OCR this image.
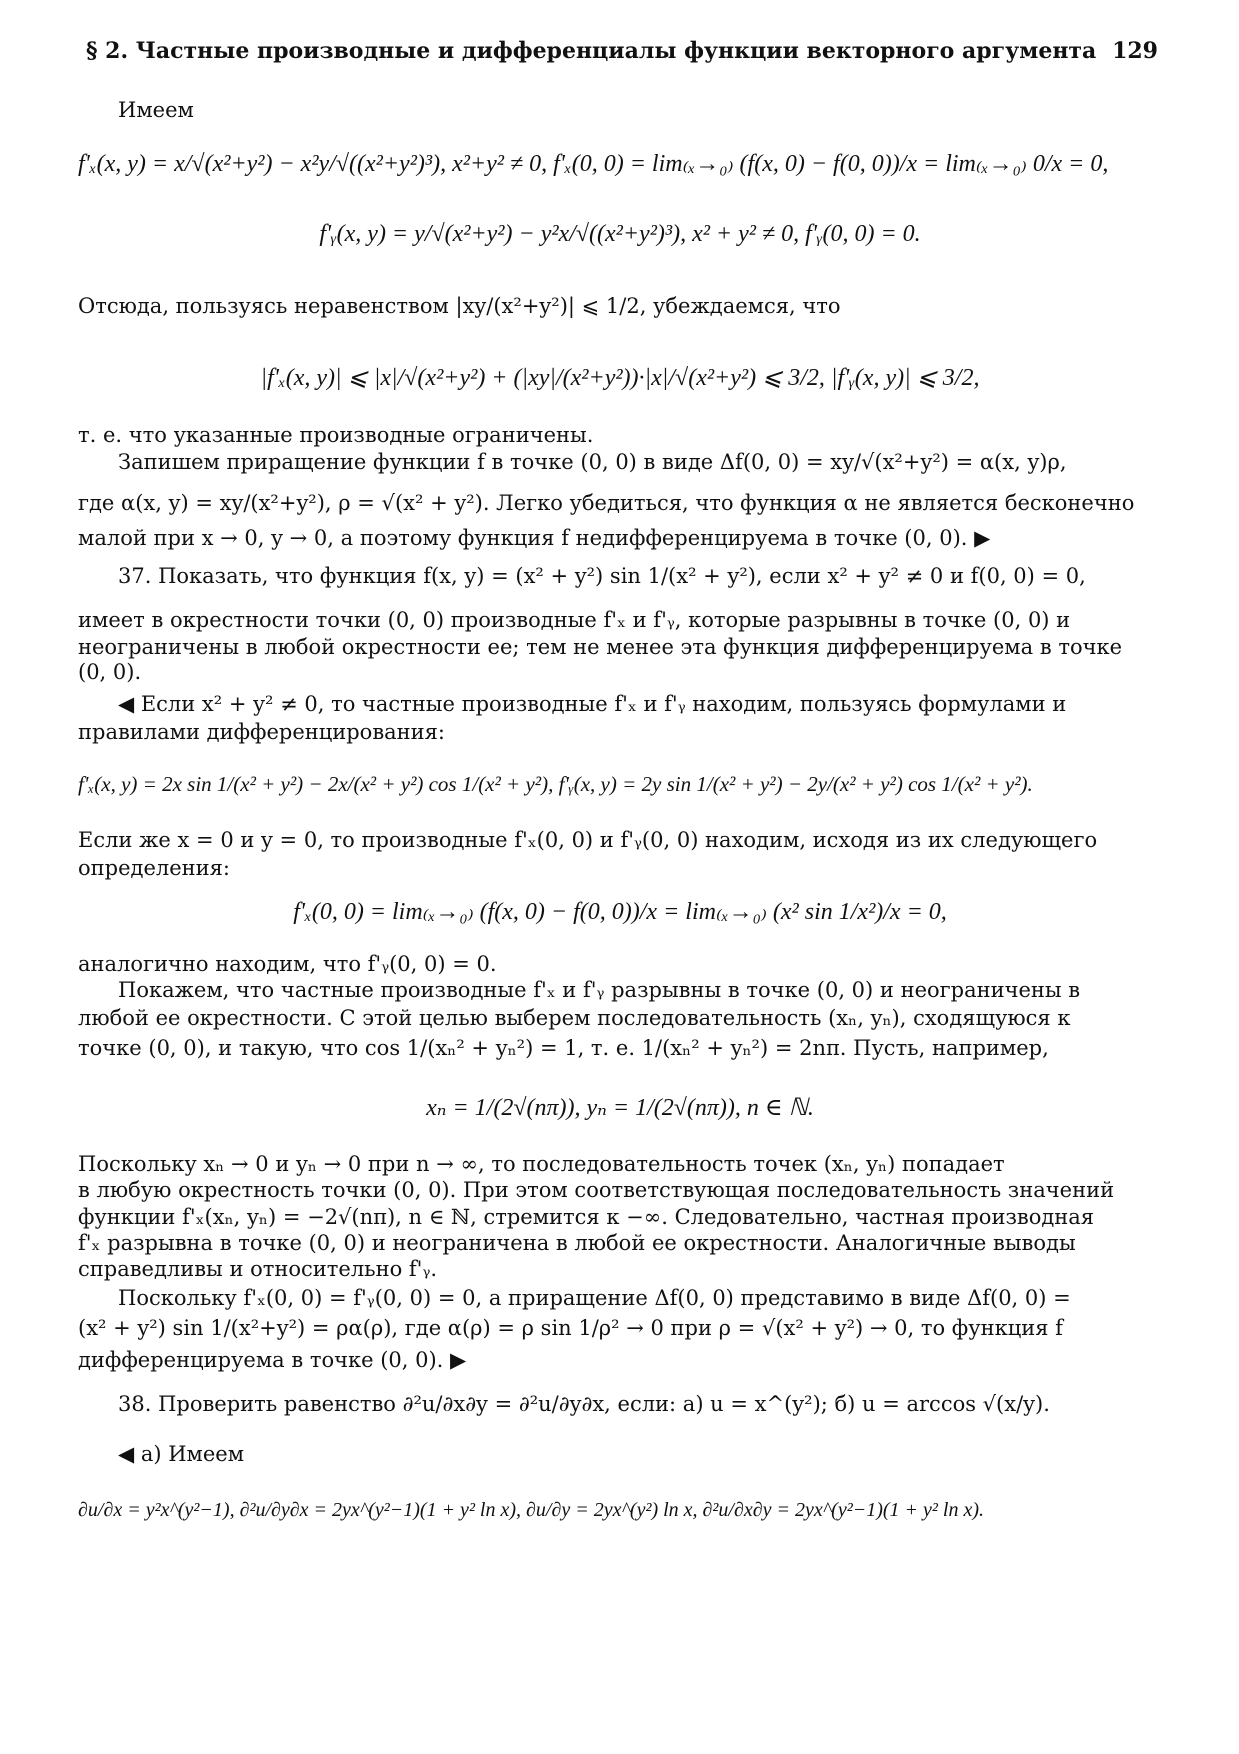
§ 2. Частные производные и дифференциалы функции векторного аргумента 129
Имеем
f'ₓ(x, y) = x/√(x²+y²) − x²y/√((x²+y²)³), x²+y² ≠ 0, f'ₓ(0, 0) = lim₍ₓ→₀₎ (f(x, 0) − f(0, 0))/x = lim₍ₓ→₀₎ 0/x = 0,
f'ᵧ(x, y) = y/√(x²+y²) − y²x/√((x²+y²)³), x² + y² ≠ 0, f'ᵧ(0, 0) = 0.
Отсюда, пользуясь неравенством |xy/(x²+y²)| ⩽ 1/2, убеждаемся, что
|f'ₓ(x, y)| ⩽ |x|/√(x²+y²) + (|xy|/(x²+y²))·|x|/√(x²+y²) ⩽ 3/2, |f'ᵧ(x, y)| ⩽ 3/2,
т. е. что указанные производные ограничены.
Запишем приращение функции f в точке (0, 0) в виде Δf(0, 0) = xy/√(x²+y²) = α(x, y)ρ,
где α(x, y) = xy/(x²+y²), ρ = √(x² + y²). Легко убедиться, что функция α не является бесконечно
малой при x → 0, y → 0, а поэтому функция f недифференцируема в точке (0, 0). ▶
37. Показать, что функция f(x, y) = (x² + y²) sin 1/(x² + y²), если x² + y² ≠ 0 и f(0, 0) = 0,
имеет в окрестности точки (0, 0) производные f'ₓ и f'ᵧ, которые разрывны в точке (0, 0) и
неограничены в любой окрестности ее; тем не менее эта функция дифференцируема в точке
(0, 0).
◀ Если x² + y² ≠ 0, то частные производные f'ₓ и f'ᵧ находим, пользуясь формулами и
правилами дифференцирования:
f'ₓ(x, y) = 2x sin 1/(x² + y²) − 2x/(x² + y²) cos 1/(x² + y²), f'ᵧ(x, y) = 2y sin 1/(x² + y²) − 2y/(x² + y²) cos 1/(x² + y²).
Если же x = 0 и y = 0, то производные f'ₓ(0, 0) и f'ᵧ(0, 0) находим, исходя из их следующего
определения:
f'ₓ(0, 0) = lim₍ₓ→₀₎ (f(x, 0) − f(0, 0))/x = lim₍ₓ→₀₎ (x² sin 1/x²)/x = 0,
аналогично находим, что f'ᵧ(0, 0) = 0.
Покажем, что частные производные f'ₓ и f'ᵧ разрывны в точке (0, 0) и неограничены в
любой ее окрестности. С этой целью выберем последовательность (xₙ, yₙ), сходящуюся к
точке (0, 0), и такую, что cos 1/(xₙ² + yₙ²) = 1, т. е. 1/(xₙ² + yₙ²) = 2nπ. Пусть, например,
xₙ = 1/(2√(nπ)), yₙ = 1/(2√(nπ)), n ∈ ℕ.
Поскольку xₙ → 0 и yₙ → 0 при n → ∞, то последовательность точек (xₙ, yₙ) попадает
в любую окрестность точки (0, 0). При этом соответствующая последовательность значений
функции f'ₓ(xₙ, yₙ) = −2√(nπ), n ∈ ℕ, стремится к −∞. Следовательно, частная производная
f'ₓ разрывна в точке (0, 0) и неограничена в любой ее окрестности. Аналогичные выводы
справедливы и относительно f'ᵧ.
Поскольку f'ₓ(0, 0) = f'ᵧ(0, 0) = 0, а приращение Δf(0, 0) представимо в виде Δf(0, 0) =
(x² + y²) sin 1/(x²+y²) = ρα(ρ), где α(ρ) = ρ sin 1/ρ² → 0 при ρ = √(x² + y²) → 0, то функция f
дифференцируема в точке (0, 0). ▶
38. Проверить равенство ∂²u/∂x∂y = ∂²u/∂y∂x, если: а) u = x^(y²); б) u = arccos √(x/y).
◀ а) Имеем
∂u/∂x = y²x^(y²−1), ∂²u/∂y∂x = 2yx^(y²−1)(1 + y² ln x), ∂u/∂y = 2yx^(y²) ln x, ∂²u/∂x∂y = 2yx^(y²−1)(1 + y² ln x).
